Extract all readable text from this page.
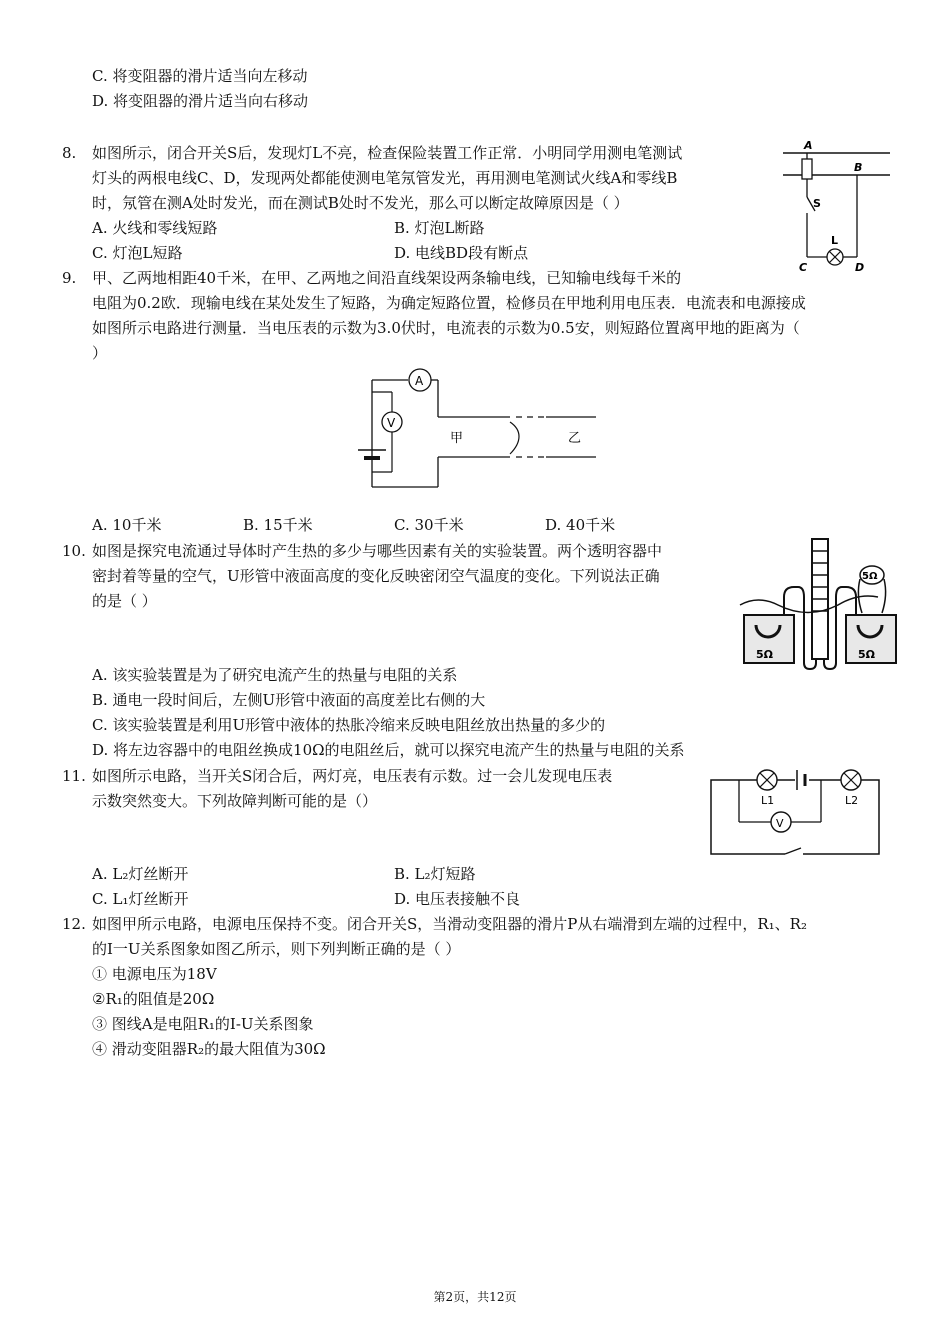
C. 将变阻器的滑片适当向左移动
D. 将变阻器的滑片适当向右移动
8. 如图所示，闭合开关S后，发现灯L不亮，检查保险装置工作正常．小明同学用测电笔测试
灯头的两根电线C、D，发现两处都能使测电笔氖管发光，再用测电笔测试火线A和零线B
时，氖管在测A处时发光，而在测试B处时不发光，那么可以断定故障原因是（ ）
A. 火线和零线短路	B. 灯泡L断路
C. 灯泡L短路	D. 电线BD段有断点
A
B
S
L
C	D
9. 甲、乙两地相距40千米，在甲、乙两地之间沿直线架设两条输电线，已知输电线每千米的
电阻为0.2欧．现输电线在某处发生了短路，为确定短路位置，检修员在甲地利用电压表．电流表和电源接成
如图所示电路进行测量．当电压表的示数为3.0伏时，电流表的示数为0.5安，则短路位置离甲地的距离为（
）
A
V
甲	乙
A. 10千米	B. 15千米	C. 30千米	D. 40千米
10. 如图是探究电流通过导体时产生热的多少与哪些因素有关的实验装置。两个透明容器中
密封着等量的空气，U形管中液面高度的变化反映密闭空气温度的变化。下列说法正确
的是（ ）
5Ω	5Ω
5Ω
A. 该实验装置是为了研究电流产生的热量与电阻的关系
B. 通电一段时间后，左侧U形管中液面的高度差比右侧的大
C. 该实验装置是利用U形管中液体的热胀冷缩来反映电阻丝放出热量的多少的
D. 将左边容器中的电阻丝换成10Ω的电阻丝后，就可以探究电流产生的热量与电阻的关系
11. 如图所示电路，当开关S闭合后，两灯亮，电压表有示数。过一会儿发现电压表
示数突然变大。下列故障判断可能的是（）	L1	L2
V
A. L₂灯丝断开	B. L₂灯短路
C. L₁灯丝断开	D. 电压表接触不良
12. 如图甲所示电路，电源电压保持不变。闭合开关S，当滑动变阻器的滑片P从右端滑到左端的过程中，R₁、R₂
的I一U关系图象如图乙所示，则下列判断正确的是（ ）
① 电源电压为18V
②R₁的阻值是20Ω
③ 图线A是电阻R₁的I-U关系图象
④ 滑动变阻器R₂的最大阻值为30Ω
第2页，共12页
